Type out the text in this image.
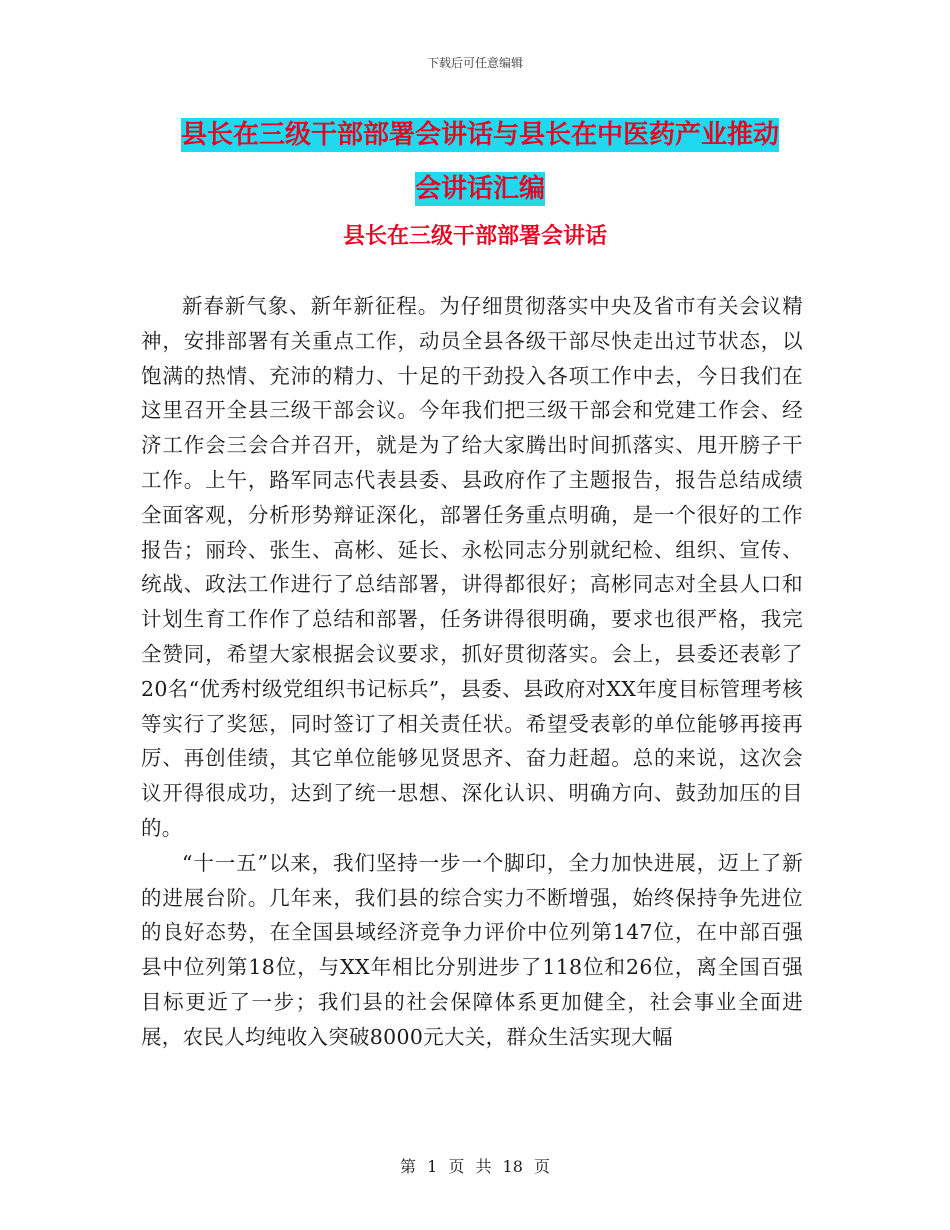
下载后可任意编辑
县长在三级干部部署会讲话与县长在中医药产业推动
会讲话汇编
县长在三级干部部署会讲话

新春新气象、新年新征程。为仔细贯彻落实中央及省市有关会议精神，安排部署有关重点工作，动员全县各级干部尽快走出过节状态，以饱满的热情、充沛的精力、十足的干劲投入各项工作中去，今日我们在这里召开全县三级干部会议。今年我们把三级干部会和党建工作会、经济工作会三会合并召开，就是为了给大家腾出时间抓落实、甩开膀子干工作。上午，路军同志代表县委、县政府作了主题报告，报告总结成绩全面客观，分析形势辩证深化，部署任务重点明确，是一个很好的工作报告；丽玲、张生、高彬、延长、永松同志分别就纪检、组织、宣传、统战、政法工作进行了总结部署，讲得都很好；高彬同志对全县人口和计划生育工作作了总结和部署，任务讲得很明确，要求也很严格，我完全赞同，希望大家根据会议要求，抓好贯彻落实。会上，县委还表彰了20名“优秀村级党组织书记标兵”，县委、县政府对XX年度目标管理考核等实行了奖惩，同时签订了相关责任状。希望受表彰的单位能够再接再厉、再创佳绩，其它单位能够见贤思齐、奋力赶超。总的来说，这次会议开得很成功，达到了统一思想、深化认识、明确方向、鼓劲加压的目的。

“十一五”以来，我们坚持一步一个脚印，全力加快进展，迈上了新的进展台阶。几年来，我们县的综合实力不断增强，始终保持争先进位的良好态势，在全国县域经济竞争力评价中位列第147位，在中部百强县中位列第18位，与XX年相比分别进步了118位和26位，离全国百强目标更近了一步；我们县的社会保障体系更加健全，社会事业全面进展，农民人均纯收入突破8000元大关，群众生活实现大幅

第 1 页 共 18 页
